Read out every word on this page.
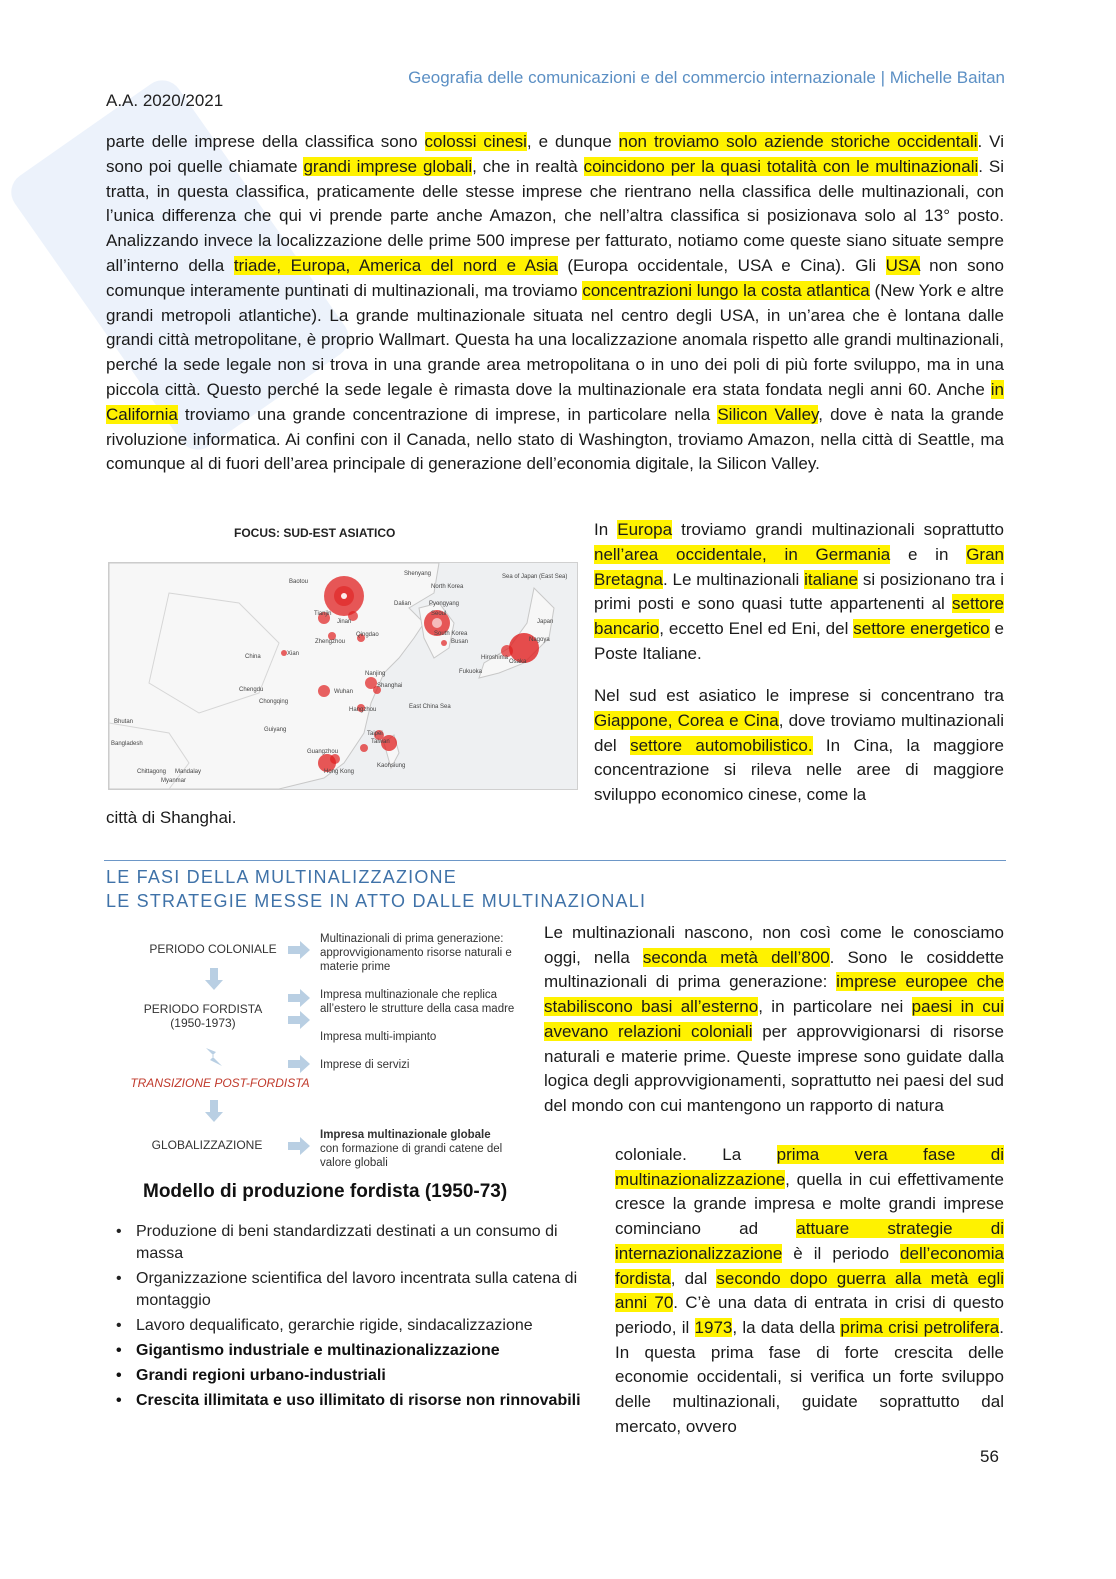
Geografia delle comunicazioni e del commercio internazionale | Michelle Baitan
A.A. 2020/2021

parte delle imprese della classifica sono colossi cinesi, e dunque non troviamo solo aziende storiche occidentali. Vi sono poi quelle chiamate grandi imprese globali, che in realtà coincidono per la quasi totalità con le multinazionali. Si tratta, in questa classifica, praticamente delle stesse imprese che rientrano nella classifica delle multinazionali, con l’unica differenza che qui vi prende parte anche Amazon, che nell’altra classifica si posizionava solo al 13° posto. Analizzando invece la localizzazione delle prime 500 imprese per fatturato, notiamo come queste siano situate sempre all’interno della triade, Europa, America del nord e Asia (Europa occidentale, USA e Cina). Gli USA non sono comunque interamente puntinati di multinazionali, ma troviamo concentrazioni lungo la costa atlantica (New York e altre grandi metropoli atlantiche). La grande multinazionale situata nel centro degli USA, in un’area che è lontana dalle grandi città metropolitane, è proprio Wallmart. Questa ha una localizzazione anomala rispetto alle grandi multinazionali, perché la sede legale non si trova in una grande area metropolitana o in uno dei poli di più forte sviluppo, ma in una piccola città. Questo perché la sede legale è rimasta dove la multinazionale era stata fondata negli anni 60. Anche in California troviamo una grande concentrazione di imprese, in particolare nella Silicon Valley, dove è nata la grande rivoluzione informatica. Ai confini con il Canada, nello stato di Washington, troviamo Amazon, nella città di Seattle, ma comunque al di fuori dell’area principale di generazione dell’economia digitale, la Silicon Valley.

FOCUS: SUD-EST ASIATICO
Baotou
Shenyang
North Korea
Pyongyang
Sea of Japan (East Sea)
Japan
Tianjin
Dalian
Seoul
South Korea
Jinan
Qingdao
China
Zhengzhou
Xian
Busan
Fukuoka
Osaka
Hiroshima
Nagoya
Chengdu	Wuhan
Nanjing
Shanghai
Chongqing
Hangzhou	East China Sea
Bhutan
Guiyang
Taipei
Taiwan
Guangzhou
Kaohsiung
Bangladesh
Hong Kong
Chittagong Mandalay
Myanmar

In Europa troviamo grandi multinazionali soprattutto nell’area occidentale, in Germania e in Gran Bretagna. Le multinazionali italiane si posizionano tra i primi posti e sono quasi tutte appartenenti al settore bancario, eccetto Enel ed Eni, del settore energetico e Poste Italiane.

Nel sud est asiatico le imprese si concentrano tra Giappone, Corea e Cina, dove troviamo multinazionali del settore automobilistico. In Cina, la maggiore concentrazione si rileva nelle aree di maggiore sviluppo economico cinese, come la

città di Shanghai.
LE FASI DELLA MULTINALIZZAZIONE
LE STRATEGIE MESSE IN ATTO DALLE MULTINAZIONALI
PERIODO COLONIALE
PERIODO FORDISTA (1950-1973)
TRANSIZIONE POST-FORDISTA
GLOBALIZZAZIONE
Multinazionali di prima generazione: approvvigionamento risorse naturali e materie prime
Impresa multinazionale che replica all’estero le strutture della casa madre
Impresa multi-impianto
Imprese di servizi
Impresa multinazionale globale
con formazione di grandi catene del valore globali
Modello di produzione fordista (1950-73)
• Produzione di beni standardizzati destinati a un consumo di massa
• Organizzazione scientifica del lavoro incentrata sulla catena di montaggio
• Lavoro dequalificato, gerarchie rigide, sindacalizzazione
• Gigantismo industriale e multinazionalizzazione
• Grandi regioni urbano-industriali
• Crescita illimitata e uso illimitato di risorse non rinnovabili

Le multinazionali nascono, non così come le conosciamo oggi, nella seconda metà dell’800. Sono le cosiddette multinazionali di prima generazione: imprese europee che stabiliscono basi all’esterno, in particolare nei paesi in cui avevano relazioni coloniali per approvvigionarsi di risorse naturali e materie prime. Queste imprese sono guidate dalla logica degli approvvigionamenti, soprattutto nei paesi del sud del mondo con cui mantengono un rapporto di natura

coloniale. La prima vera fase di multinazionalizzazione, quella in cui effettivamente cresce la grande impresa e molte grandi imprese cominciano ad attuare strategie di internazionalizzazione è il periodo dell’economia fordista, dal secondo dopo guerra alla metà egli anni 70. C’è una data di entrata in crisi di questo periodo, il 1973, la data della prima crisi petrolifera. In questa prima fase di forte crescita delle economie occidentali, si verifica un forte sviluppo delle multinazionali, guidate soprattutto dal mercato, ovvero

56
